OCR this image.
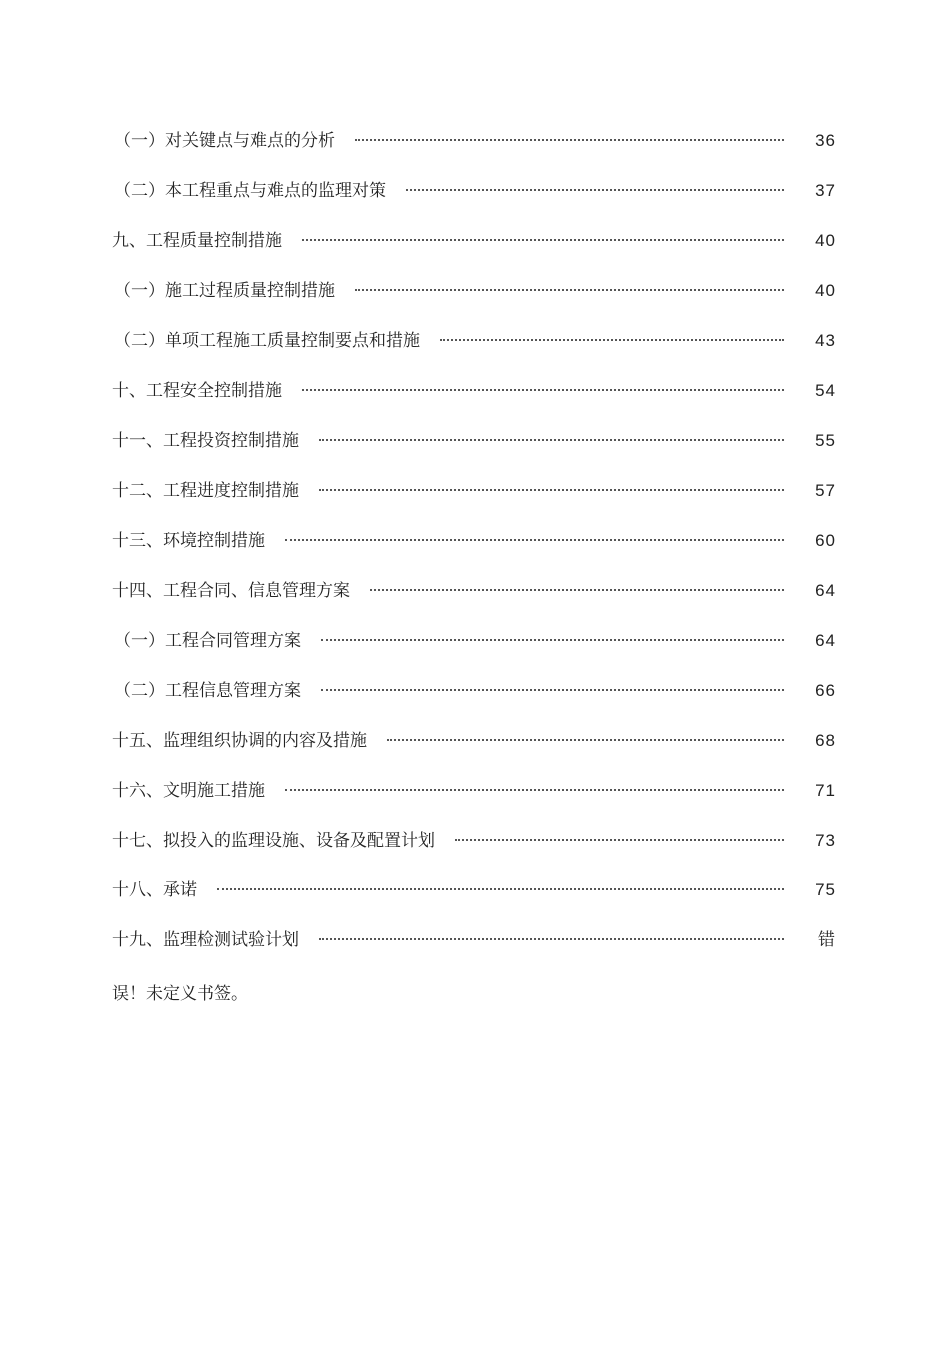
（一）对关键点与难点的分析	36
（二）本工程重点与难点的监理对策	37
九、工程质量控制措施	40
（一）施工过程质量控制措施	40
（二）单项工程施工质量控制要点和措施	43
十、工程安全控制措施	54
十一、工程投资控制措施	55
十二、工程进度控制措施	57
十三、环境控制措施	60
十四、工程合同、信息管理方案	64
（一）工程合同管理方案	64
（二）工程信息管理方案	66
十五、监理组织协调的内容及措施	68
十六、文明施工措施	71
十七、拟投入的监理设施、设备及配置计划	73
十八、承诺	75
十九、监理检测试验计划	错
误！未定义书签。
